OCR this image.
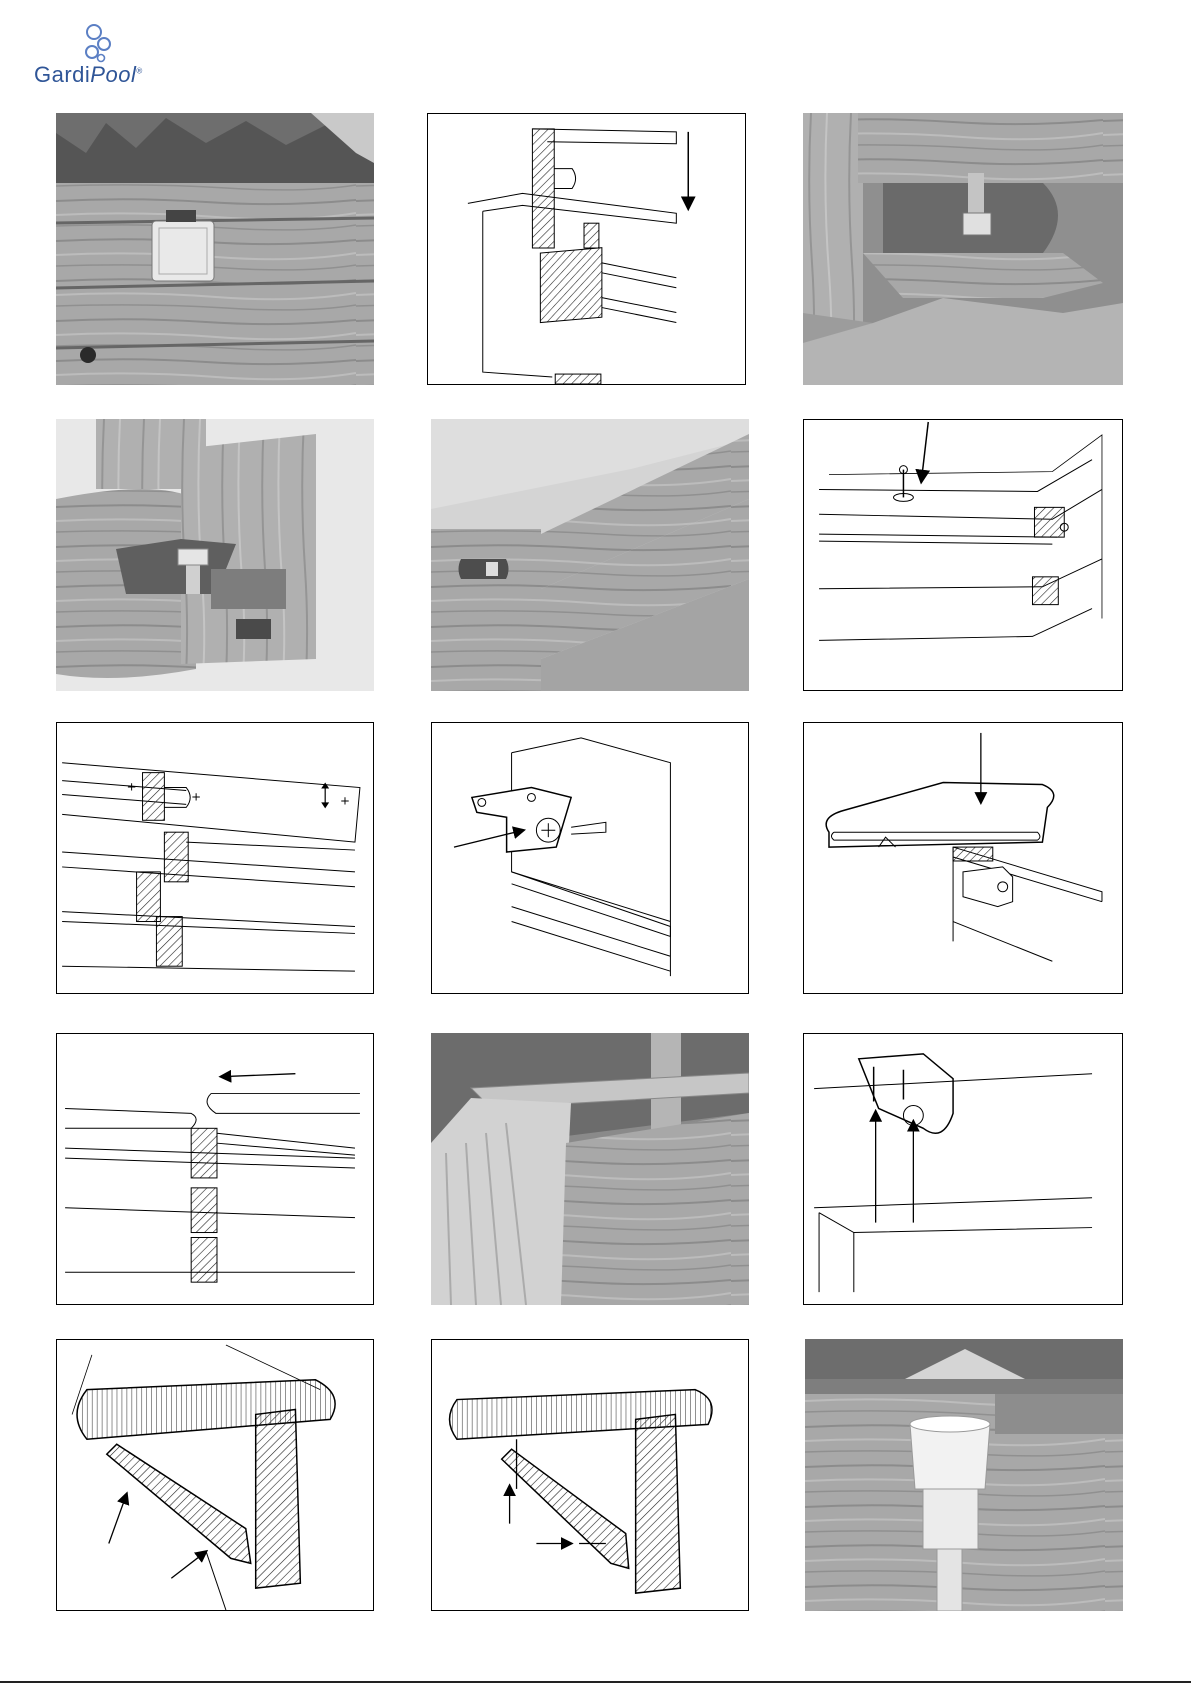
GardiPool®
+
+	+
